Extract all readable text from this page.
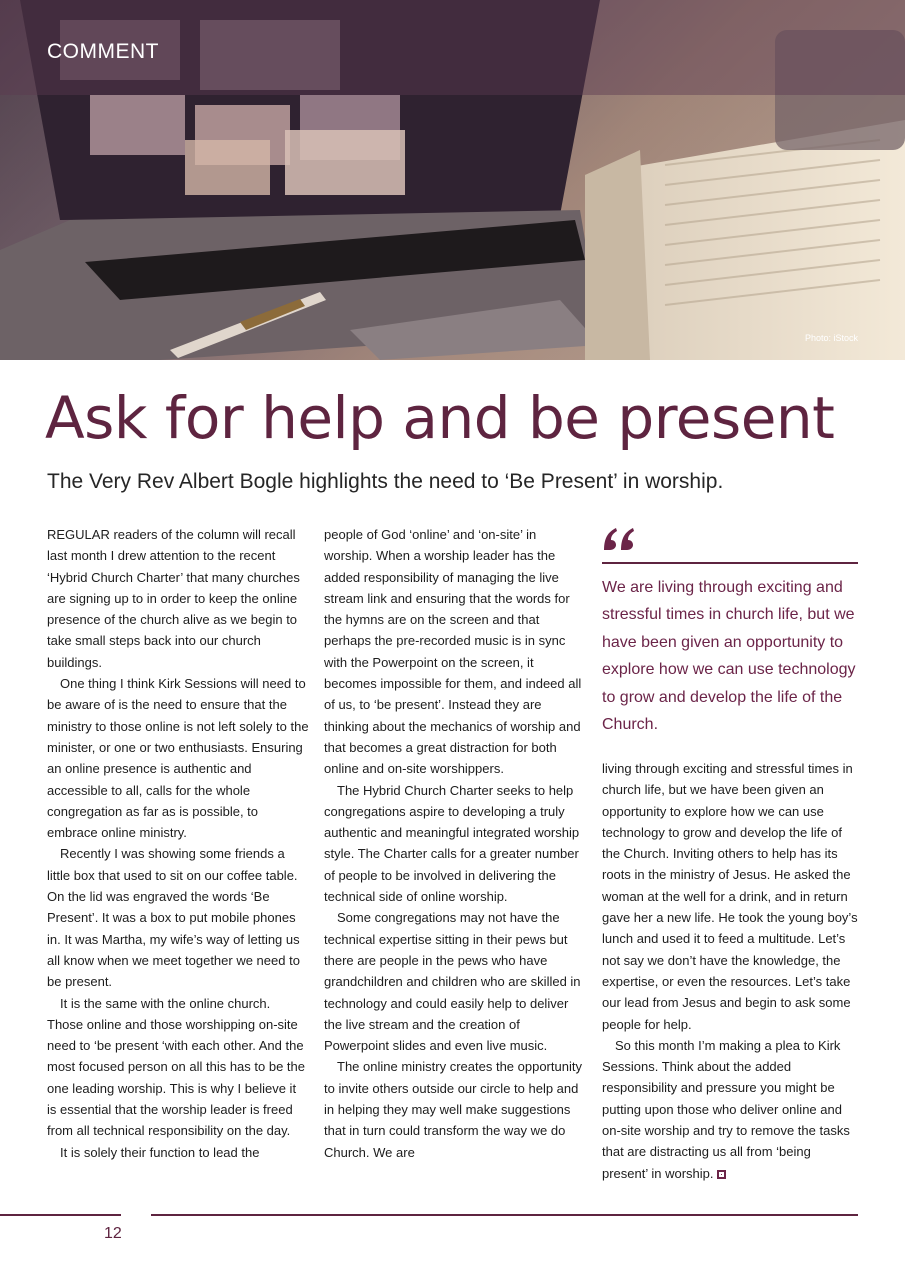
COMMENT
Photo: iStock
Ask for help and be present

The Very Rev Albert Bogle highlights the need to ‘Be Present’ in worship.

REGULAR readers of the column will recall last month I drew attention to the recent ‘Hybrid Church Charter’ that many churches are signing up to in order to keep the online presence of the church alive as we begin to take small steps back into our church buildings.

One thing I think Kirk Sessions will need to be aware of is the need to ensure that the ministry to those online is not left solely to the minister, or one or two enthusiasts. Ensuring an online presence is authentic and accessible to all, calls for the whole congregation as far as is possible, to embrace online ministry.

Recently I was showing some friends a little box that used to sit on our coffee table. On the lid was engraved the words ‘Be Present’. It was a box to put mobile phones in. It was Martha, my wife’s way of letting us all know when we meet together we need to be present.

It is the same with the online church. Those online and those worshipping on-site need to ‘be present ‘with each other. And the most focused person on all this has to be the one leading worship. This is why I believe it is essential that the worship leader is freed from all technical responsibility on the day.

It is solely their function to lead the

people of God ‘online’ and ‘on-site’ in worship. When a worship leader has the added responsibility of managing the live stream link and ensuring that the words for the hymns are on the screen and that perhaps the pre-recorded music is in sync with the Powerpoint on the screen, it becomes impossible for them, and indeed all of us, to ‘be present’. Instead they are thinking about the mechanics of worship and that becomes a great distraction for both online and on-site worshippers.

The Hybrid Church Charter seeks to help congregations aspire to developing a truly authentic and meaningful integrated worship style. The Charter calls for a greater number of people to be involved in delivering the technical side of online worship.

Some congregations may not have the technical expertise sitting in their pews but there are people in the pews who have grandchildren and children who are skilled in technology and could easily help to deliver the live stream and the creation of Powerpoint slides and even live music.

The online ministry creates the opportunity to invite others outside our circle to help and in helping they may well make suggestions that in turn could transform the way we do Church. We are

We are living through exciting and stressful times in church life, but we have been given an opportunity to explore how we can use technology to grow and develop the life of the Church.

living through exciting and stressful times in church life, but we have been given an opportunity to explore how we can use technology to grow and develop the life of the Church. Inviting others to help has its roots in the ministry of Jesus. He asked the woman at the well for a drink, and in return gave her a new life. He took the young boy’s lunch and used it to feed a multitude. Let’s not say we don’t have the knowledge, the expertise, or even the resources. Let’s take our lead from Jesus and begin to ask some people for help.

So this month I’m making a plea to Kirk Sessions. Think about the added responsibility and pressure you might be putting upon those who deliver online and on-site worship and try to remove the tasks that are distracting us all from ‘being present’ in worship.

12
